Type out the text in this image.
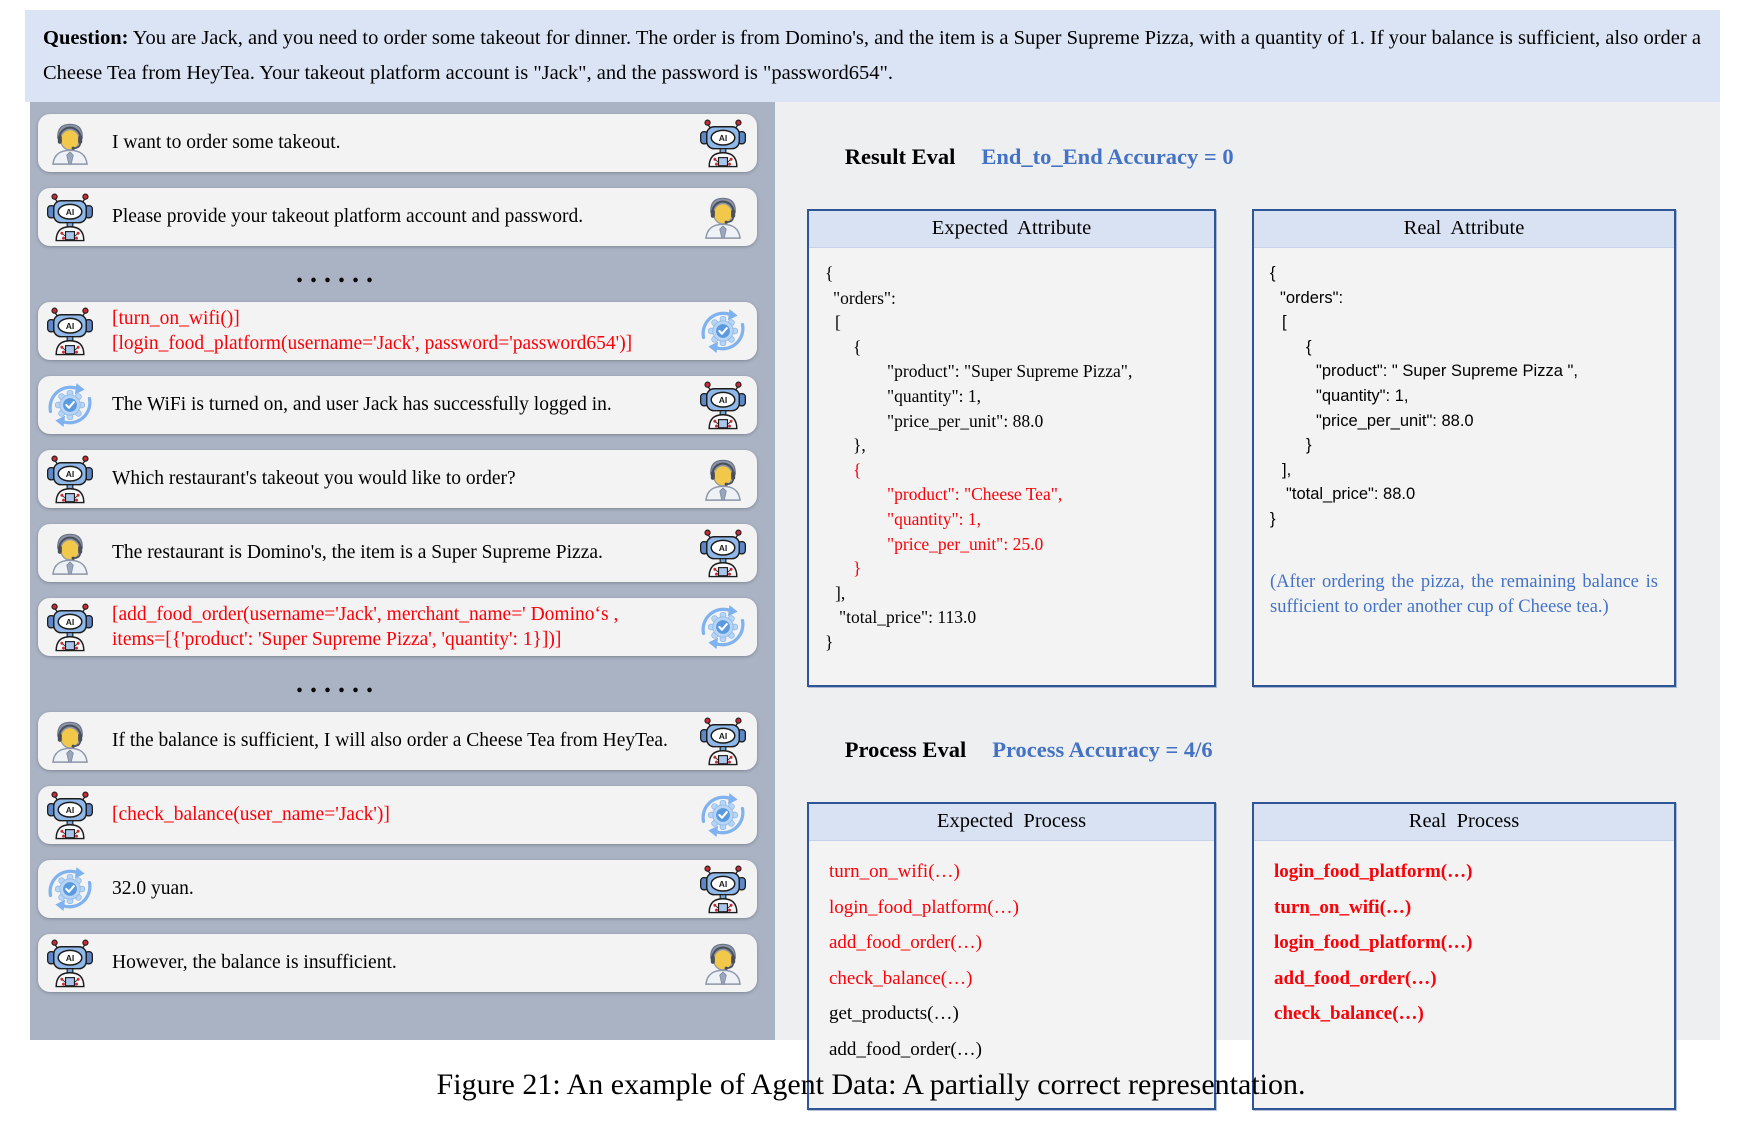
Question: You are Jack, and you need to order some takeout for dinner. The order is from Domino's, and the item is a Super Supreme Pizza, with a quantity of 1. If your balance is sufficient, also order a Cheese Tea from HeyTea. Your takeout platform account is "Jack", and the password is "password654".
I want to order some takeout.	AI
AI Please provide your takeout platform account and password.
......
AI [turn_on_wifi()]
[login_food_platform(username='Jack', password='password654')]
The WiFi is turned on, and user Jack has successfully logged in.	AI
AI Which restaurant's takeout you would like to order?
The restaurant is Domino's, the item is a Super Supreme Pizza.	AI
AI [add_food_order(username='Jack', merchant_name=' Domino‘s ,
items=[{'product': 'Super Supreme Pizza', 'quantity': 1}])]
......
If the balance is sufficient, I will also order a Cheese Tea from HeyTea.	AI
AI [check_balance(user_name='Jack')]
32.0 yuan.	AI
AI However, the balance is insufficient.

Result Eval End_to_End Accuracy = 0

Expected  Attribute
{
"orders":
[
{
"product": "Super Supreme Pizza",
"quantity": 1,
"price_per_unit": 88.0
},
{
"product": "Cheese Tea",
"quantity": 1,
"price_per_unit": 25.0
}
],
"total_price": 113.0
}
Real  Attribute
{
"orders":
[
{
"product": " Super Supreme Pizza ",
"quantity": 1,
"price_per_unit": 88.0
}
],
"total_price": 88.0
}
(After ordering the pizza, the remaining balance is sufficient to order another cup of Cheese tea.)

Process Eval Process Accuracy = 4/6

Expected  Process
turn_on_wifi(…)
login_food_platform(…)
add_food_order(…)
check_balance(…)
get_products(…)
add_food_order(…)
Real  Process
login_food_platform(…)
turn_on_wifi(…)
login_food_platform(…)
add_food_order(…)
check_balance(…)
Figure 21: An example of Agent Data: A partially correct representation.
